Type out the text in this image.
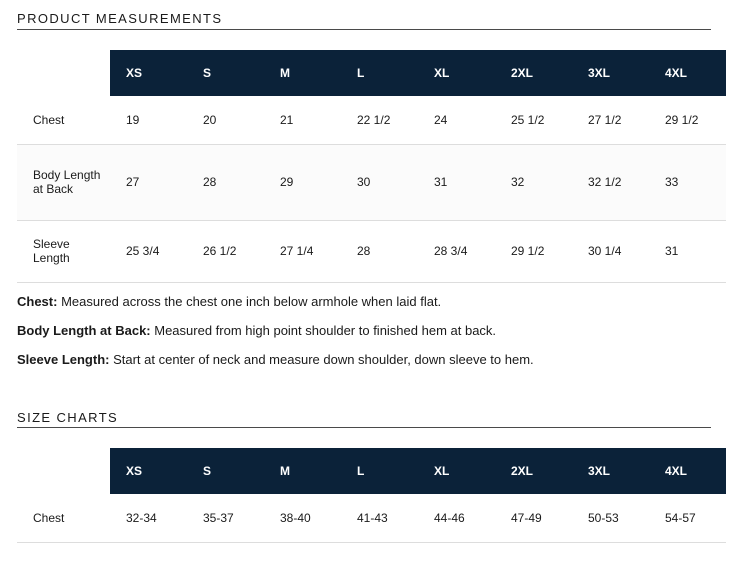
PRODUCT MEASUREMENTS
	XS	S	M	L	XL	2XL	3XL	4XL
Chest	19	20	21	22 1/2	24	25 1/2	27 1/2	29 1/2
Body Length at Back	27	28	29	30	31	32	32 1/2	33
Sleeve Length	25 3/4	26 1/2	27 1/4	28	28 3/4	29 1/2	30 1/4	31

Chest: Measured across the chest one inch below armhole when laid flat.

Body Length at Back: Measured from high point shoulder to finished hem at back.

Sleeve Length: Start at center of neck and measure down shoulder, down sleeve to hem.

SIZE CHARTS
	XS	S	M	L	XL	2XL	3XL	4XL
Chest	32-34	35-37	38-40	41-43	44-46	47-49	50-53	54-57
